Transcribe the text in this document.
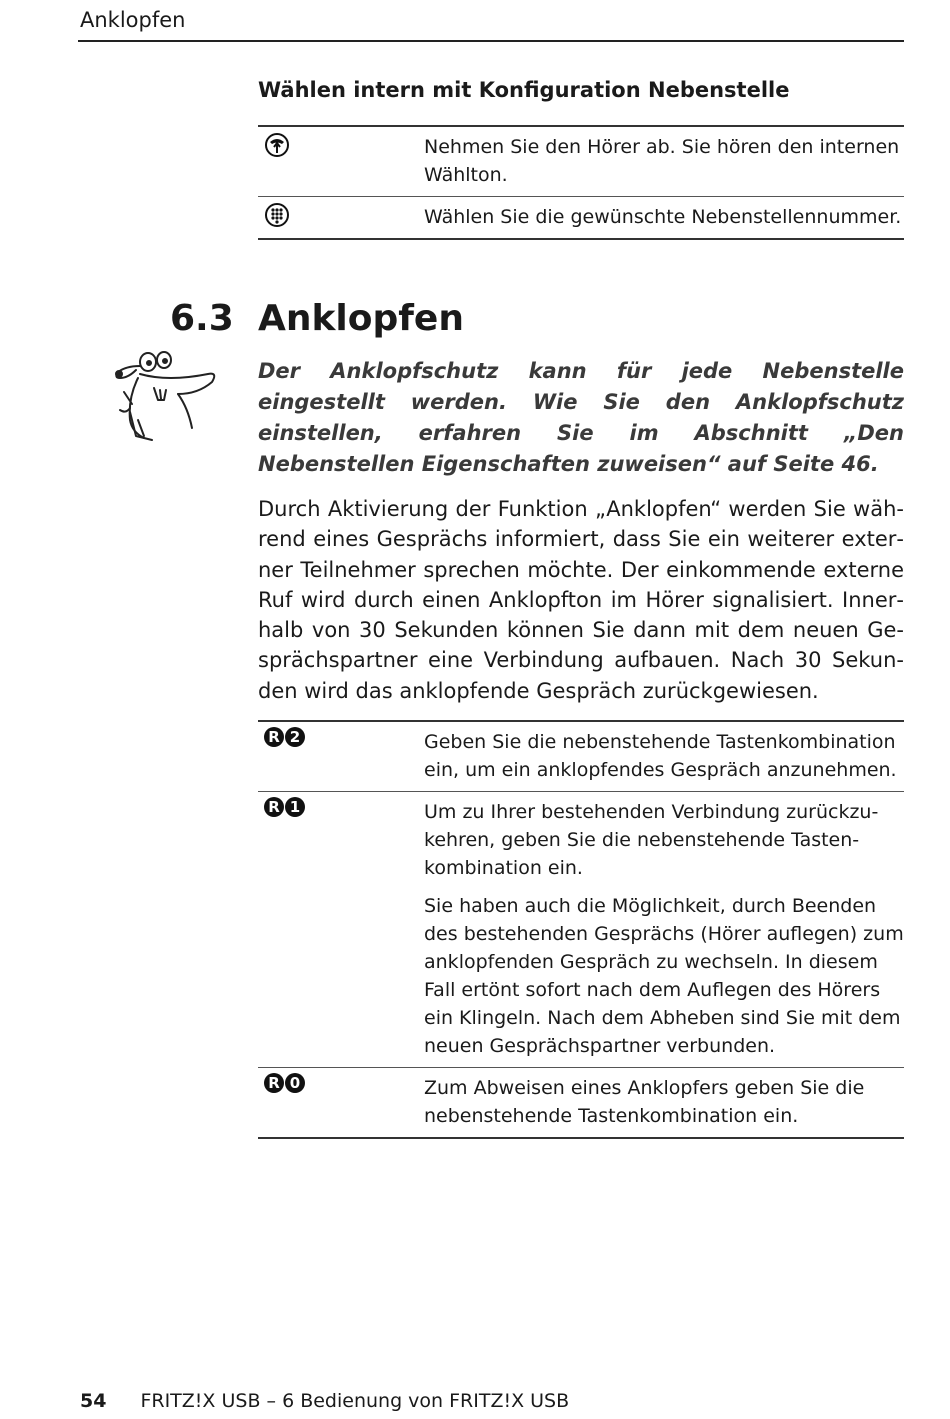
Anklopfen
Wählen intern mit Konfiguration Nebenstelle
Nehmen Sie den Hörer ab. Sie hören den internen Wählton.
Wählen Sie die gewünschte Nebenstellennummer.
6.3 Anklopfen
Der Anklopfschutz kann für jede Nebenstelle eingestellt werden. Wie Sie den Anklopfschutz einstellen, erfahren Sie im Abschnitt „Den Nebenstellen Eigenschaften zuweisen“ auf Seite 46.
Durch Aktivierung der Funktion „Anklopfen“ werden Sie während eines Gesprächs informiert, dass Sie ein weiterer externer Teilnehmer sprechen möchte. Der einkommende externe Ruf wird durch einen Anklopfton im Hörer signalisiert. Innerhalb von 30 Sekunden können Sie dann mit dem neuen Gesprächspartner eine Verbindung aufbauen. Nach 30 Sekunden wird das anklopfende Gespräch zurückgewiesen.
R 2	Geben Sie die nebenstehende Tastenkombination ein, um ein anklopfendes Gespräch anzunehmen.
R 1	Um zu Ihrer bestehenden Verbindung zurückzukehren, geben Sie die nebenstehende Tastenkombination ein.
Sie haben auch die Möglichkeit, durch Beenden des bestehenden Gesprächs (Hörer auflegen) zum anklopfenden Gespräch zu wechseln. In diesem Fall ertönt sofort nach dem Auflegen des Hörers ein Klingeln. Nach dem Abheben sind Sie mit dem neuen Gesprächspartner verbunden.
R 0	Zum Abweisen eines Anklopfers geben Sie die nebenstehende Tastenkombination ein.
54 FRITZ!X USB – 6 Bedienung von FRITZ!X USB
